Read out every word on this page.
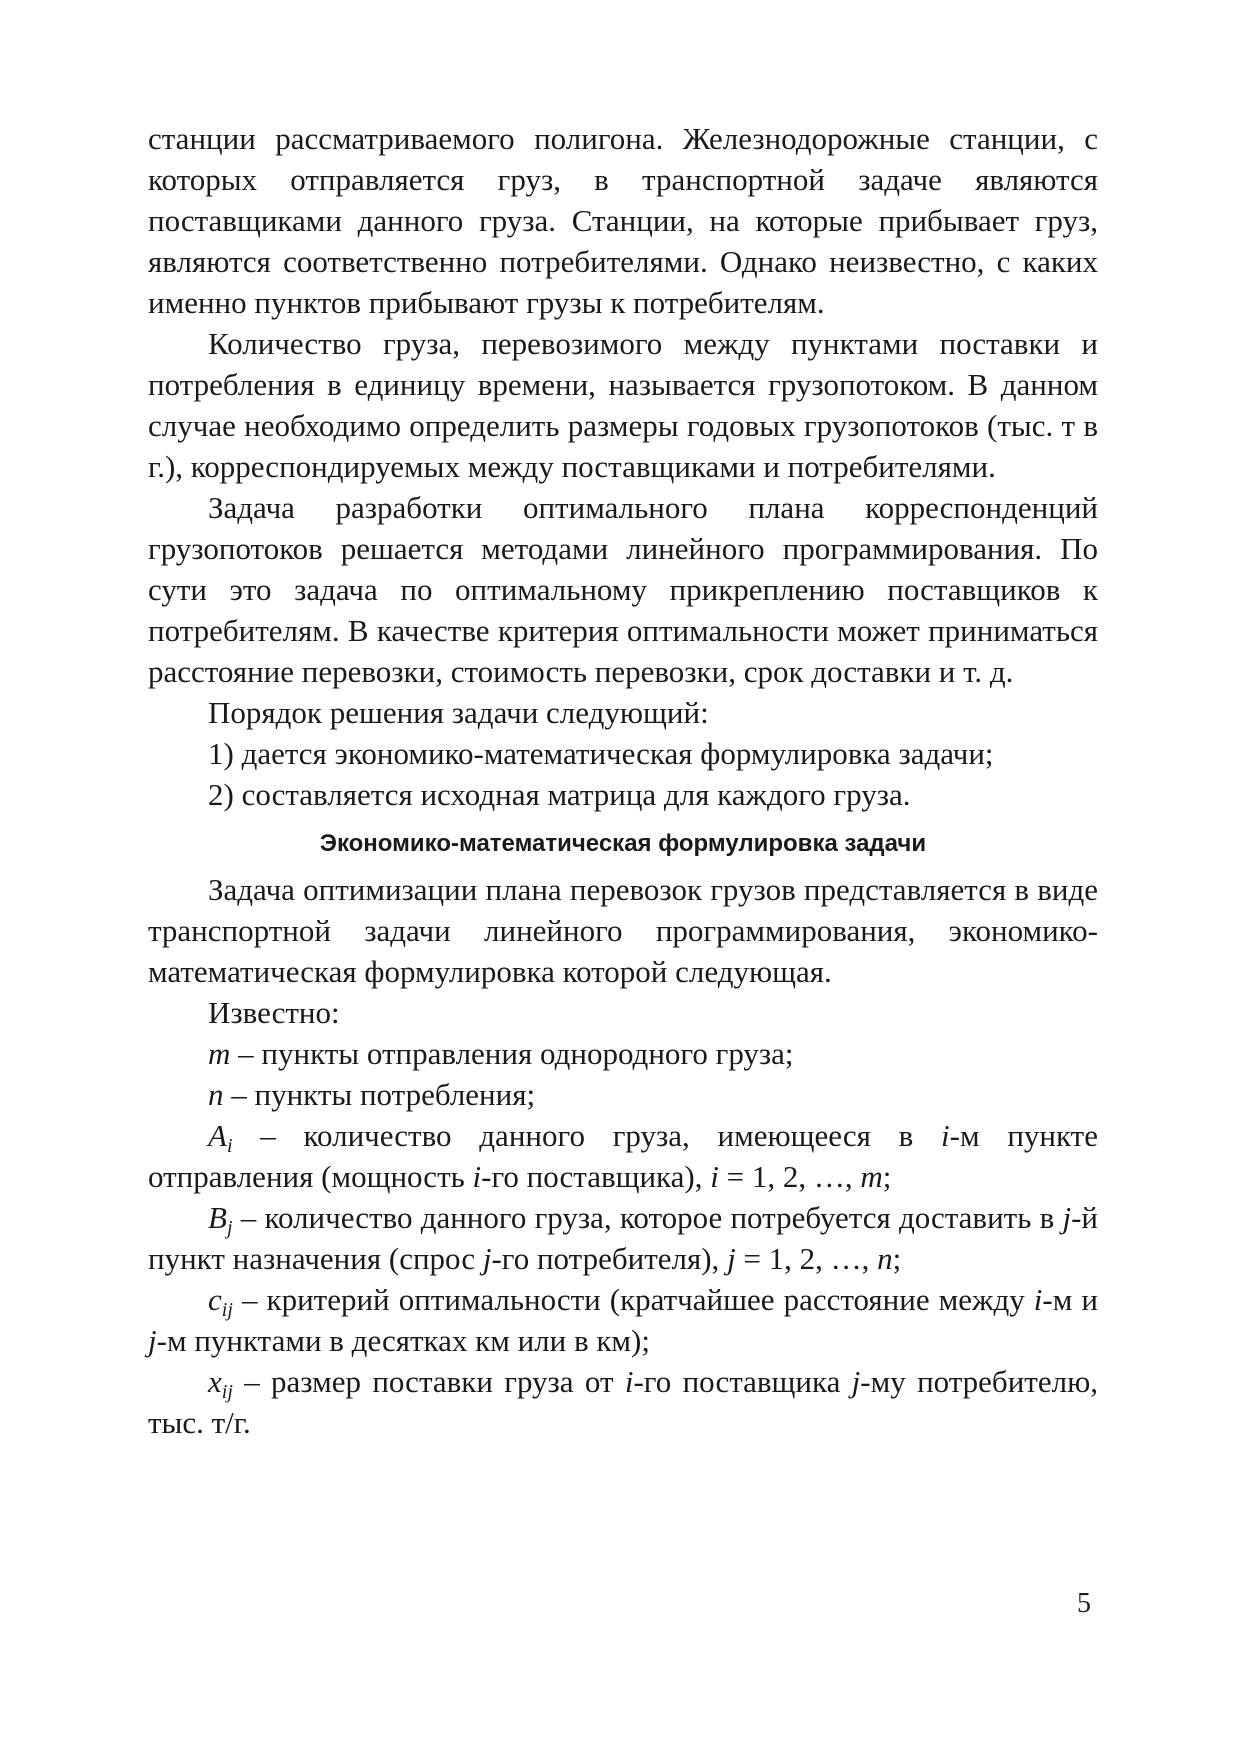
станции рассматриваемого полигона. Железнодорожные станции, с которых отправляется груз, в транспортной задаче являются поставщиками данного груза. Станции, на которые прибывает груз, являются соответственно потребителями. Однако неизвестно, с каких именно пунктов прибывают грузы к потребителям.

Количество груза, перевозимого между пунктами поставки и потребления в единицу времени, называется грузопотоком. В данном случае необходимо определить размеры годовых грузопотоков (тыс. т в г.), корреспондируемых между поставщиками и потребителями.

Задача разработки оптимального плана корреспонденций грузопотоков решается методами линейного программирования. По сути это задача по оптимальному прикреплению поставщиков к потребителям. В качестве критерия оптимальности может приниматься расстояние перевозки, стоимость перевозки, срок доставки и т. д.

Порядок решения задачи следующий:

1) дается экономико-математическая формулировка задачи;

2) составляется исходная матрица для каждого груза.

Экономико-математическая формулировка задачи

Задача оптимизации плана перевозок грузов представляется в виде транспортной задачи линейного программирования, экономико-математическая формулировка которой следующая.

Известно:

m – пункты отправления однородного груза;

n – пункты потребления;

$A_i$ – количество данного груза, имеющееся в i-м пункте отправления (мощность i-го поставщика), i = 1, 2, …, m;

$B_j$ – количество данного груза, которое потребуется доставить в j-й пункт назначения (спрос j-го потребителя), j = 1, 2, …, n;

$c_{ij}$ – критерий оптимальности (кратчайшее расстояние между i-м и j-м пунктами в десятках км или в км);

$x_{ij}$ – размер поставки груза от i-го поставщика j-му потребителю, тыс. т/г.

5
